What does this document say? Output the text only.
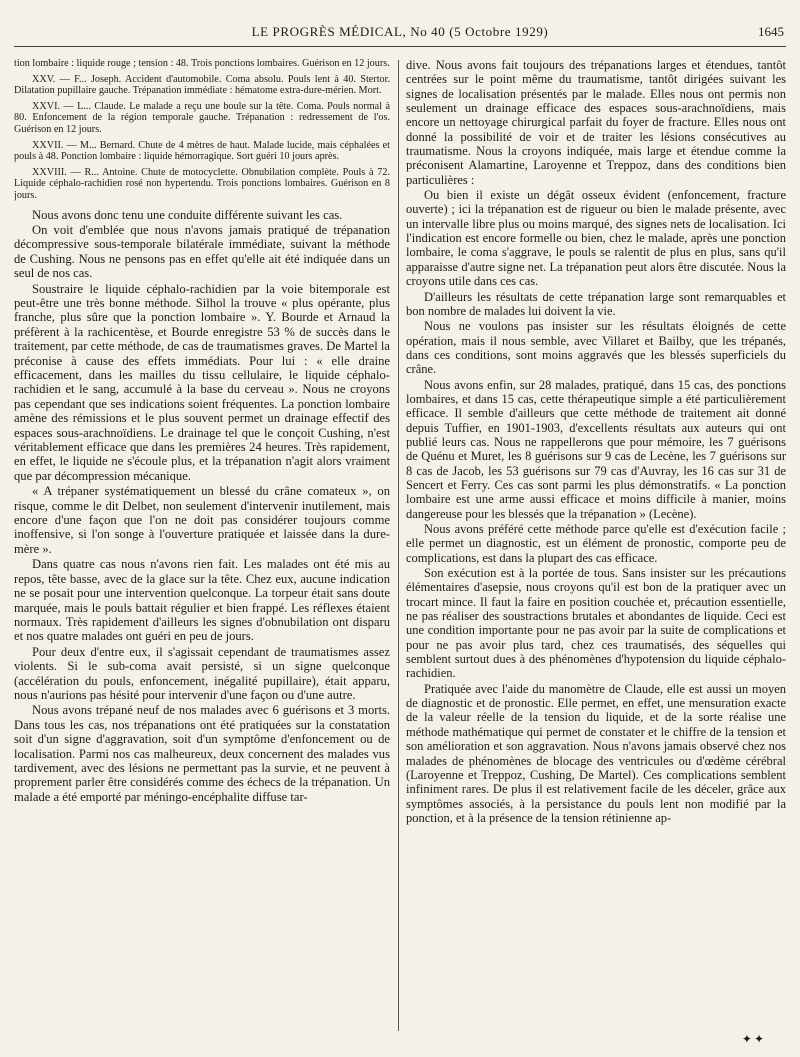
LE PROGRÈS MÉDICAL, No 40 (5 Octobre 1929)	1645

tion lombaire : liquide rouge ; tension : 48. Trois ponctions lombaires. Guérison en 12 jours.

XXV. — F... Joseph. Accident d'automobile. Coma absolu. Pouls lent à 40. Stertor. Dilatation pupillaire gauche. Trépanation immédiate : hématome extra-dure-mérien. Mort.

XXVI. — L... Claude. Le malade a reçu une boule sur la tête. Coma. Pouls normal à 80. Enfoncement de la région temporale gauche. Trépanation : redressement de l'os. Guérison en 12 jours.

XXVII. — M... Bernard. Chute de 4 mètres de haut. Malade lucide, mais céphalées et pouls à 48. Ponction lombaire : liquide hémorragique. Sort guéri 10 jours après.

XXVIII. — R... Antoine. Chute de motocyclette. Obnubilation complète. Pouls à 72. Liquide céphalo-rachidien rosé non hypertendu. Trois ponctions lombaires. Guérison en 8 jours.

Nous avons donc tenu une conduite différente suivant les cas.

On voit d'emblée que nous n'avons jamais pratiqué de trépanation décompressive sous-temporale bilatérale immédiate, suivant la méthode de Cushing. Nous ne pensons pas en effet qu'elle ait été indiquée dans un seul de nos cas.

Soustraire le liquide céphalo-rachidien par la voie bitemporale est peut-être une très bonne méthode. Silhol la trouve « plus opérante, plus franche, plus sûre que la ponction lombaire ». Y. Bourde et Arnaud la préfèrent à la rachicentèse, et Bourde enregistre 53 % de succès dans le traitement, par cette méthode, de cas de traumatismes graves. De Martel la préconise à cause des effets immédiats. Pour lui : « elle draine efficacement, dans les mailles du tissu cellulaire, le liquide céphalo-rachidien et le sang, accumulé à la base du cerveau ». Nous ne croyons pas cependant que ses indications soient fréquentes. La ponction lombaire amène des rémissions et le plus souvent permet un drainage effectif des espaces sous-arachnoïdiens. Le drainage tel que le conçoit Cushing, n'est véritablement efficace que dans les premières 24 heures. Très rapidement, en effet, le liquide ne s'écoule plus, et la trépanation n'agit alors vraiment que par décompression mécanique.

« A trépaner systématiquement un blessé du crâne comateux », on risque, comme le dit Delbet, non seulement d'intervenir inutilement, mais encore d'une façon que l'on ne doit pas considérer toujours comme inoffensive, si l'on songe à l'ouverture pratiquée et laissée dans la dure-mère ».

Dans quatre cas nous n'avons rien fait. Les malades ont été mis au repos, tête basse, avec de la glace sur la tête. Chez eux, aucune indication ne se posait pour une intervention quelconque. La torpeur était sans doute marquée, mais le pouls battait régulier et bien frappé. Les réflexes étaient normaux. Très rapidement d'ailleurs les signes d'obnubilation ont disparu et nos quatre malades ont guéri en peu de jours.

Pour deux d'entre eux, il s'agissait cependant de traumatismes assez violents. Si le sub-coma avait persisté, si un signe quelconque (accélération du pouls, enfoncement, inégalité pupillaire), était apparu, nous n'aurions pas hésité pour intervenir d'une façon ou d'une autre.

Nous avons trépané neuf de nos malades avec 6 guérisons et 3 morts. Dans tous les cas, nos trépanations ont été pratiquées sur la constatation soit d'un signe d'aggravation, soit d'un symptôme d'enfoncement ou de localisation. Parmi nos cas malheureux, deux concernent des malades vus tardivement, avec des lésions ne permettant pas la survie, et ne peuvent à proprement parler être considérés comme des échecs de la trépanation. Un malade a été emporté par méningo-encéphalite diffuse tar-

dive. Nous avons fait toujours des trépanations larges et étendues, tantôt centrées sur le point même du traumatisme, tantôt dirigées suivant les signes de localisation présentés par le malade. Elles nous ont permis non seulement un drainage efficace des espaces sous-arachnoïdiens, mais encore un nettoyage chirurgical parfait du foyer de fracture. Elles nous ont donné la possibilité de voir et de traiter les lésions consécutives au traumatisme. Nous la croyons indiquée, mais large et étendue comme la préconisent Alamartine, Laroyenne et Treppoz, dans des conditions bien particulières :

Ou bien il existe un dégât osseux évident (enfoncement, fracture ouverte) ; ici la trépanation est de rigueur ou bien le malade présente, avec un intervalle libre plus ou moins marqué, des signes nets de localisation. Ici l'indication est encore formelle ou bien, chez le malade, après une ponction lombaire, le coma s'aggrave, le pouls se ralentit de plus en plus, sans qu'il apparaisse d'autre signe net. La trépanation peut alors être discutée. Nous la croyons utile dans ces cas.

D'ailleurs les résultats de cette trépanation large sont remarquables et bon nombre de malades lui doivent la vie.

Nous ne voulons pas insister sur les résultats éloignés de cette opération, mais il nous semble, avec Villaret et Bailby, que les trépanés, dans ces conditions, sont moins aggravés que les blessés superficiels du crâne.

Nous avons enfin, sur 28 malades, pratiqué, dans 15 cas, des ponctions lombaires, et dans 15 cas, cette thérapeutique simple a été particulièrement efficace. Il semble d'ailleurs que cette méthode de traitement ait donné depuis Tuffier, en 1901-1903, d'excellents résultats aux auteurs qui ont publié leurs cas. Nous ne rappellerons que pour mémoire, les 7 guérisons de Quénu et Muret, les 8 guérisons sur 9 cas de Lecène, les 7 guérisons sur 8 cas de Jacob, les 53 guérisons sur 79 cas d'Auvray, les 16 cas sur 31 de Sencert et Ferry. Ces cas sont parmi les plus démonstratifs. « La ponction lombaire est une arme aussi efficace et moins difficile à manier, moins dangereuse pour les blessés que la trépanation » (Lecène).

Nous avons préféré cette méthode parce qu'elle est d'exécution facile ; elle permet un diagnostic, est un élément de pronostic, comporte peu de complications, est dans la plupart des cas efficace.

Son exécution est à la portée de tous. Sans insister sur les précautions élémentaires d'asepsie, nous croyons qu'il est bon de la pratiquer avec un trocart mince. Il faut la faire en position couchée et, précaution essentielle, ne pas réaliser des soustractions brutales et abondantes de liquide. Ceci est une condition importante pour ne pas avoir par la suite de complications et pour ne pas avoir plus tard, chez ces traumatisés, des séquelles qui semblent surtout dues à des phénomènes d'hypotension du liquide céphalo-rachidien.

Pratiquée avec l'aide du manomètre de Claude, elle est aussi un moyen de diagnostic et de pronostic. Elle permet, en effet, une mensuration exacte de la valeur réelle de la tension du liquide, et de la sorte réalise une méthode mathématique qui permet de constater et le chiffre de la tension et son amélioration et son aggravation. Nous n'avons jamais observé chez nos malades de phénomènes de blocage des ventricules ou d'œdème cérébral (Laroyenne et Treppoz, Cushing, De Martel). Ces complications semblent infiniment rares. De plus il est relativement facile de les déceler, grâce aux symptômes associés, à la persistance du pouls lent non modifié par la ponction, et à la présence de la tension rétinienne ap-

✦✦
